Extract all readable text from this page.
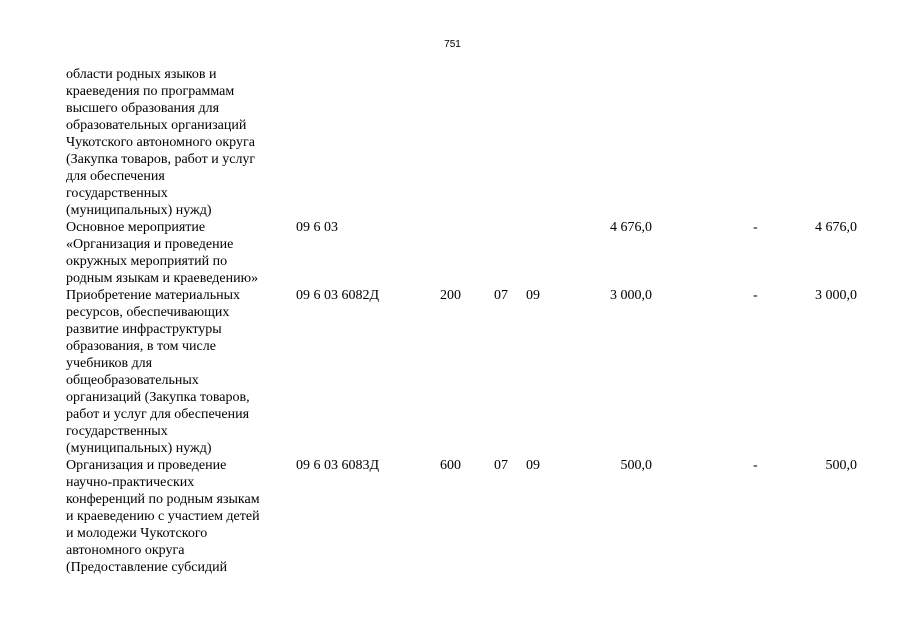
751
области родных языков и
краеведения по программам
высшего образования для
образовательных организаций
Чукотского автономного округа
(Закупка товаров, работ и услуг
для обеспечения
государственных
(муниципальных) нужд)
Основное мероприятие
«Организация и проведение
окружных мероприятий по
родным языкам и краеведению»
09 6 03	4 676,0	-	4 676,0
Приобретение материальных
ресурсов, обеспечивающих
развитие инфраструктуры
образования, в том числе
учебников для
общеобразовательных
организаций (Закупка товаров,
работ и услуг для обеспечения
государственных
(муниципальных) нужд)
09 6 03 6082Д	200 07 09	3 000,0	-	3 000,0
Организация и проведение
научно-практических
конференций по родным языкам
и краеведению с участием детей
и молодежи Чукотского
автономного округа
(Предоставление субсидий
09 6 03 6083Д	600 07 09	500,0	-	500,0
